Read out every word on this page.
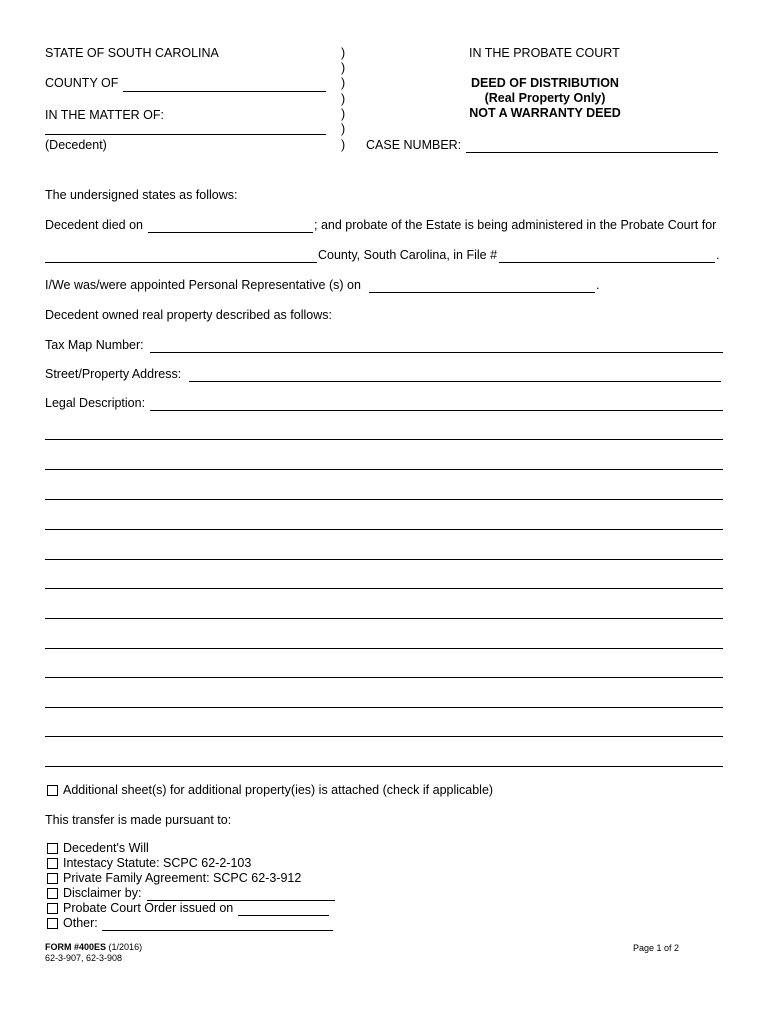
STATE OF SOUTH CAROLINA
COUNTY OF
IN THE MATTER OF:
(Decedent)
)
)
)
)
)
)
)
IN THE PROBATE COURT
DEED OF DISTRIBUTION
(Real Property Only)
NOT A WARRANTY DEED
CASE NUMBER:
The undersigned states as follows:
Decedent died on	; and probate of the Estate is being administered in the Probate Court for
County, South Carolina, in File #	.
I/We was/were appointed Personal Representative (s) on	.
Decedent owned real property described as follows:
Tax Map Number:
Street/Property Address:
Legal Description:
Additional sheet(s) for additional property(ies) is attached (check if applicable)
This transfer is made pursuant to:
Decedent's Will
Intestacy Statute: SCPC 62-2-103
Private Family Agreement: SCPC 62-3-912
Disclaimer by:
Probate Court Order issued on
Other:
FORM #400ES (1/2016)
62-3-907, 62-3-908
Page 1 of 2
